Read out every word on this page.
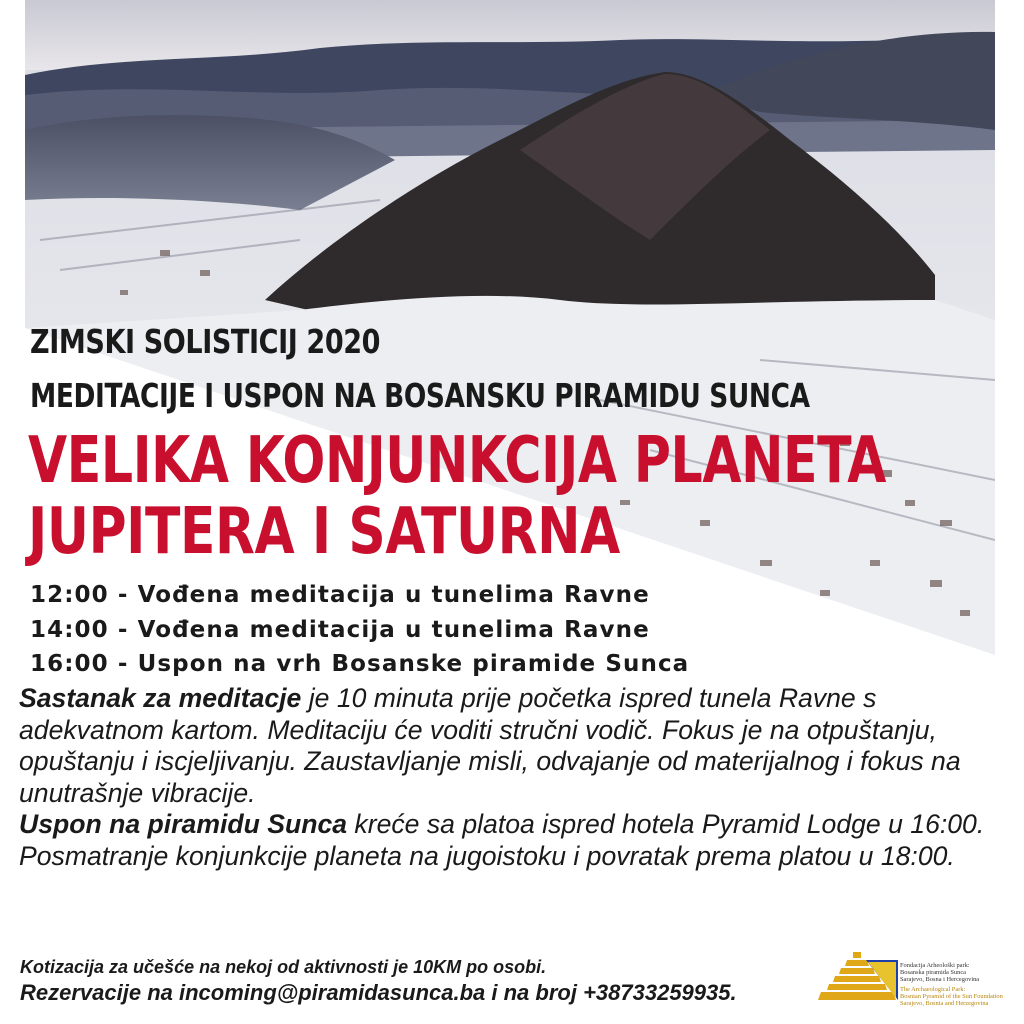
ZIMSKI SOLISTICIJ 2020
MEDITACIJE I USPON NA BOSANSKU PIRAMIDU SUNCA
VELIKA KONJUNKCIJA PLANETA
JUPITERA I SATURNA
12:00 - Vođena meditacija u tunelima Ravne
14:00 - Vođena meditacija u tunelima Ravne
16:00 - Uspon na vrh Bosanske piramide Sunca
Sastanak za meditacje je 10 minuta prije početka ispred tunela Ravne s adekvatnom kartom. Meditaciju će voditi stručni vodič. Fokus je na otpuštanju, opuštanju i iscjeljivanju. Zaustavljanje misli, odvajanje od materijalnog i fokus na unutrašnje vibracije.
Uspon na piramidu Sunca kreće sa platoa ispred hotela Pyramid Lodge u 16:00. Posmatranje konjunkcije planeta na jugoistoku i povratak prema platou u 18:00.
Kotizacija za učešće na nekoj od aktivnosti je 10KM po osobi.
Rezervacije na incoming@piramidasunca.ba i na broj +38733259935.
Fondacija Arheološki park:
Bosanska piramida Sunca
Sarajevo, Bosna i Hercegovina
The Archaeological Park:
Bosnian Pyramid of the Sun Foundation
Sarajevo, Bosnia and Herzegovina
